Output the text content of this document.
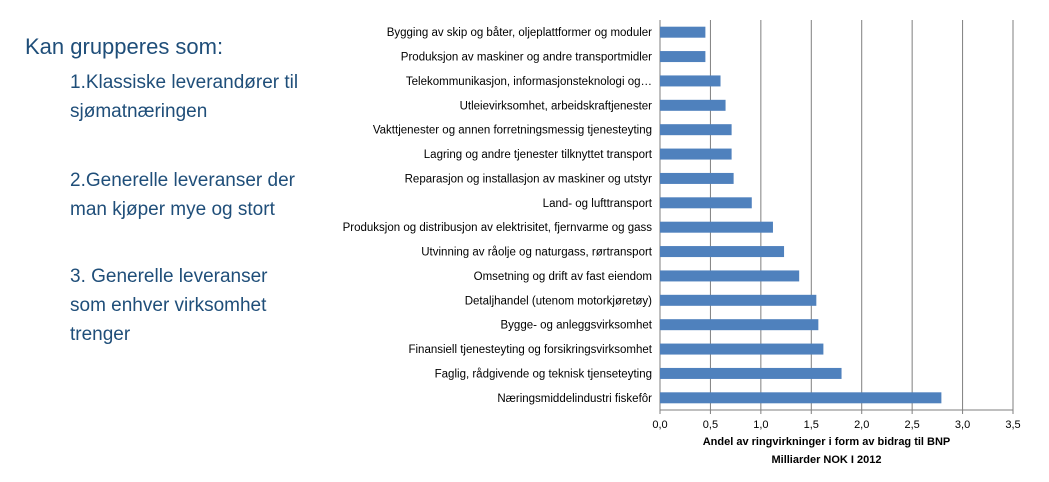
Kan grupperes som:
1.Klassiske leverandører til
sjømatnæringen
2.Generelle leveranser der
man kjøper mye og stort
3. Generelle leveranser
som enhver virksomhet
trenger
0,0	0,5	1,0	1,5	2,0	2,5	3,0	3,5
Bygging av skip og båter, oljeplattformer og moduler
Produksjon av maskiner og andre transportmidler
Telekommunikasjon, informasjonsteknologi og…
Utleievirksomhet, arbeidskraftjenester
Vakttjenester og annen forretningsmessig tjenesteyting
Lagring og andre tjenester tilknyttet transport
Reparasjon og installasjon av maskiner og utstyr
Land- og lufttransport
Produksjon og distribusjon av elektrisitet, fjernvarme og gass
Utvinning av råolje og naturgass, rørtransport
Omsetning og drift av fast eiendom
Detaljhandel (utenom motorkjøretøy)
Bygge- og anleggsvirksomhet
Finansiell tjenesteyting og forsikringsvirksomhet
Faglig, rådgivende og teknisk tjenseteyting
Næringsmiddelindustri fiskefôr
Andel av ringvirkninger i form av bidrag til BNP
Milliarder NOK I 2012
